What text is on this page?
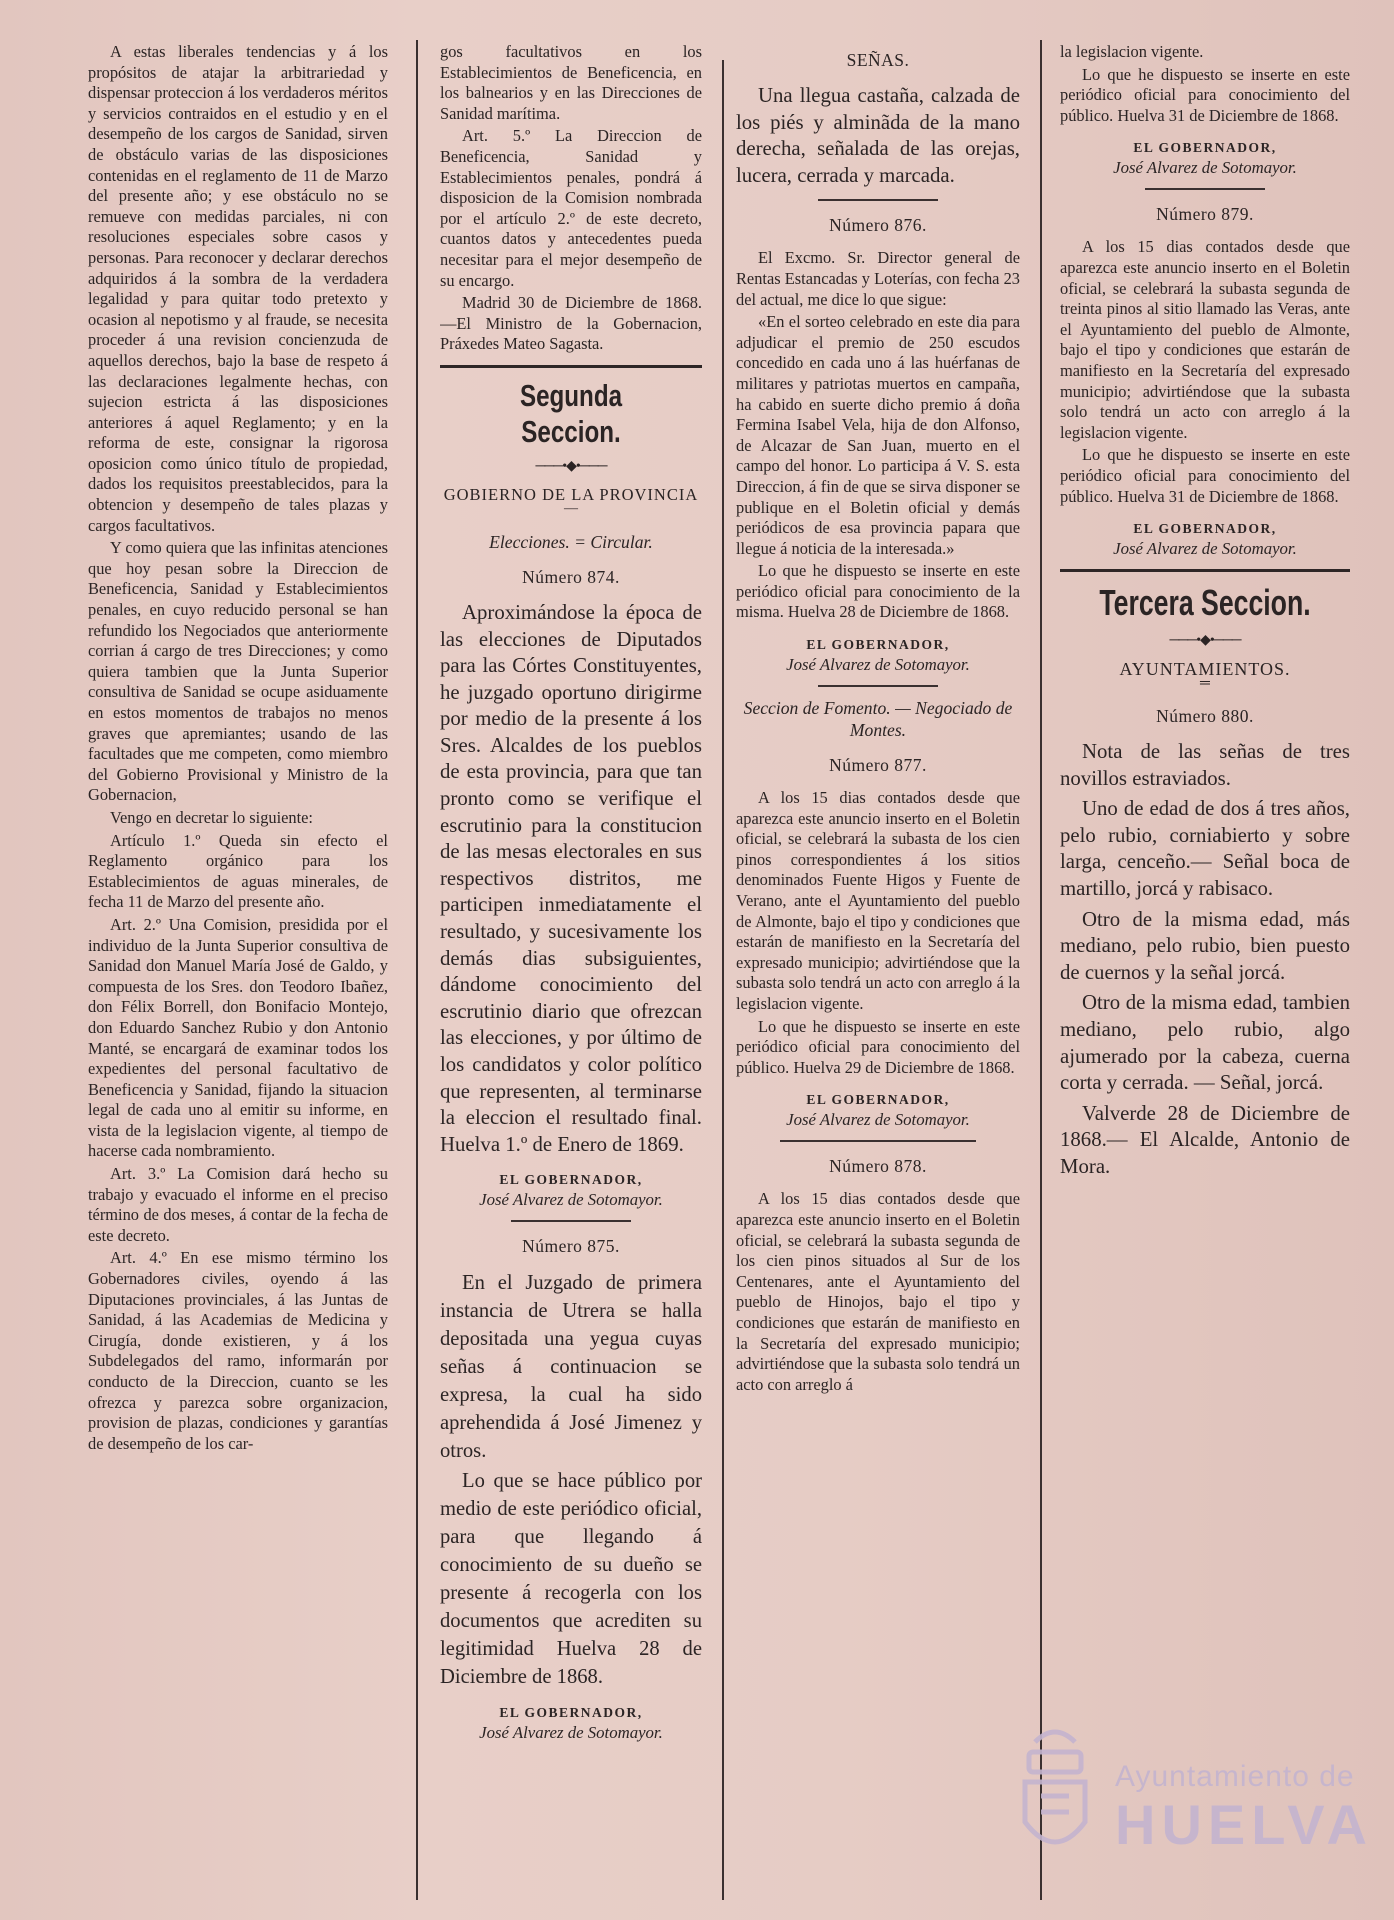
A estas liberales tendencias y á los propósitos de atajar la arbitrariedad y dispensar proteccion á los verdaderos méritos y servicios contraidos en el estudio y en el desempeño de los cargos de Sanidad, sirven de obstáculo varias de las disposiciones contenidas en el reglamento de 11 de Marzo del presente año; y ese obstáculo no se remueve con medidas parciales, ni con resoluciones especiales sobre casos y personas. Para reconocer y declarar derechos adquiridos á la sombra de la verdadera legalidad y para quitar todo pretexto y ocasion al nepotismo y al fraude, se necesita proceder á una revision concienzuda de aquellos derechos, bajo la base de respeto á las declaraciones legalmente hechas, con sujecion estricta á las disposiciones anteriores á aquel Reglamento; y en la reforma de este, consignar la rigorosa oposicion como único título de propiedad, dados los requisitos preestablecidos, para la obtencion y desempeño de tales plazas y cargos facultativos.

Y como quiera que las infinitas atenciones que hoy pesan sobre la Direccion de Beneficencia, Sanidad y Establecimientos penales, en cuyo reducido personal se han refundido los Negociados que anteriormente corrian á cargo de tres Direcciones; y como quiera tambien que la Junta Superior consultiva de Sanidad se ocupe asiduamente en estos momentos de trabajos no menos graves que apremiantes; usando de las facultades que me competen, como miembro del Gobierno Provisional y Ministro de la Gobernacion,

Vengo en decretar lo siguiente:

Artículo 1.º Queda sin efecto el Reglamento orgánico para los Establecimientos de aguas minerales, de fecha 11 de Marzo del presente año.

Art. 2.º Una Comision, presidida por el individuo de la Junta Superior consultiva de Sanidad don Manuel María José de Galdo, y compuesta de los Sres. don Teodoro Ibañez, don Félix Borrell, don Bonifacio Montejo, don Eduardo Sanchez Rubio y don Antonio Manté, se encargará de examinar todos los expedientes del personal facultativo de Beneficencia y Sanidad, fijando la situacion legal de cada uno al emitir su informe, en vista de la legislacion vigente, al tiempo de hacerse cada nombramiento.

Art. 3.º La Comision dará hecho su trabajo y evacuado el informe en el preciso término de dos meses, á contar de la fecha de este decreto.

Art. 4.º En ese mismo término los Gobernadores civiles, oyendo á las Diputaciones provinciales, á las Juntas de Sanidad, á las Academias de Medicina y Cirugía, donde existieren, y á los Subdelegados del ramo, informarán por conducto de la Direccion, cuanto se les ofrezca y parezca sobre organizacion, provision de plazas, condiciones y garantías de desempeño de los car-

gos facultativos en los Establecimientos de Beneficencia, en los balnearios y en las Direcciones de Sanidad marítima.

Art. 5.º La Direccion de Beneficencia, Sanidad y Establecimientos penales, pondrá á disposicion de la Comision nombrada por el artículo 2.º de este decreto, cuantos datos y antecedentes pueda necesitar para el mejor desempeño de su encargo.

Madrid 30 de Diciembre de 1868. —El Ministro de la Gobernacion, Práxedes Mateo Sagasta.

Segunda Seccion.
───•◆•───
GOBIERNO DE LA PROVINCIA
—
Elecciones. = Circular.
Número 874.

Aproximándose la época de las elecciones de Diputados para las Córtes Constituyentes, he juzgado oportuno dirigirme por medio de la presente á los Sres. Alcaldes de los pueblos de esta provincia, para que tan pronto como se verifique el escrutinio para la constitucion de las mesas electorales en sus respectivos distritos, me participen inmediatamente el resultado, y sucesivamente los demás dias subsiguientes, dándome conocimiento del escrutinio diario que ofrezcan las elecciones, y por último de los candidatos y color político que representen, al terminarse la eleccion el resultado final. Huelva 1.º de Enero de 1869.

EL GOBERNADOR,
José Alvarez de Sotomayor.
Número 875.

En el Juzgado de primera instancia de Utrera se halla depositada una yegua cuyas señas á continuacion se expresa, la cual ha sido aprehendida á José Jimenez y otros.

Lo que se hace público por medio de este periódico oficial, para que llegando á conocimiento de su dueño se presente á recogerla con los documentos que acrediten su legitimidad Huelva 28 de Diciembre de 1868.

EL GOBERNADOR,
José Alvarez de Sotomayor.
SEÑAS.

Una llegua castaña, calzada de los piés y alminãda de la mano derecha, señalada de las orejas, lucera, cerrada y marcada.

Número 876.

El Excmo. Sr. Director general de Rentas Estancadas y Loterías, con fecha 23 del actual, me dice lo que sigue:

«En el sorteo celebrado en este dia para adjudicar el premio de 250 escudos concedido en cada uno á las huérfanas de militares y patriotas muertos en campaña, ha cabido en suerte dicho premio á doña Fermina Isabel Vela, hija de don Alfonso, de Alcazar de San Juan, muerto en el campo del honor. Lo participa á V. S. esta Direccion, á fin de que se sirva disponer se publique en el Boletin oficial y demás periódicos de esa provincia papara que llegue á noticia de la interesada.»

Lo que he dispuesto se inserte en este periódico oficial para conocimiento de la misma. Huelva 28 de Diciembre de 1868.

EL GOBERNADOR,
José Alvarez de Sotomayor.
Seccion de Fomento. — Negociado de Montes.
Número 877.

A los 15 dias contados desde que aparezca este anuncio inserto en el Boletin oficial, se celebrará la subasta de los cien pinos correspondientes á los sitios denominados Fuente Higos y Fuente de Verano, ante el Ayuntamiento del pueblo de Almonte, bajo el tipo y condiciones que estarán de manifiesto en la Secretaría del expresado municipio; advirtiéndose que la subasta solo tendrá un acto con arreglo á la legislacion vigente.

Lo que he dispuesto se inserte en este periódico oficial para conocimiento del público. Huelva 29 de Diciembre de 1868.

EL GOBERNADOR,
José Alvarez de Sotomayor.
Número 878.

A los 15 dias contados desde que aparezca este anuncio inserto en el Boletin oficial, se celebrará la subasta segunda de los cien pinos situados al Sur de los Centenares, ante el Ayuntamiento del pueblo de Hinojos, bajo el tipo y condiciones que estarán de manifiesto en la Secretaría del expresado municipio; advirtiéndose que la subasta solo tendrá un acto con arreglo á

la legislacion vigente.

Lo que he dispuesto se inserte en este periódico oficial para conocimiento del público. Huelva 31 de Diciembre de 1868.

EL GOBERNADOR,
José Alvarez de Sotomayor.
Número 879.

A los 15 dias contados desde que aparezca este anuncio inserto en el Boletin oficial, se celebrará la subasta segunda de treinta pinos al sitio llamado las Veras, ante el Ayuntamiento del pueblo de Almonte, bajo el tipo y condiciones que estarán de manifiesto en la Secretaría del expresado municipio; advirtiéndose que la subasta solo tendrá un acto con arreglo á la legislacion vigente.

Lo que he dispuesto se inserte en este periódico oficial para conocimiento del público. Huelva 31 de Diciembre de 1868.

EL GOBERNADOR,
José Alvarez de Sotomayor.
Tercera Seccion.
───•◆•───
AYUNTAMIENTOS.
═
Número 880.

Nota de las señas de tres novillos estraviados.

Uno de edad de dos á tres años, pelo rubio, corniabierto y sobre larga, cenceño.— Señal boca de martillo, jorcá y rabisaco.

Otro de la misma edad, más mediano, pelo rubio, bien puesto de cuernos y la señal jorcá.

Otro de la misma edad, tambien mediano, pelo rubio, algo ajumerado por la cabeza, cuerna corta y cerrada. — Señal, jorcá.

Valverde 28 de Diciembre de 1868.— El Alcalde, Antonio de Mora.

Ayuntamiento de
HUELVA
